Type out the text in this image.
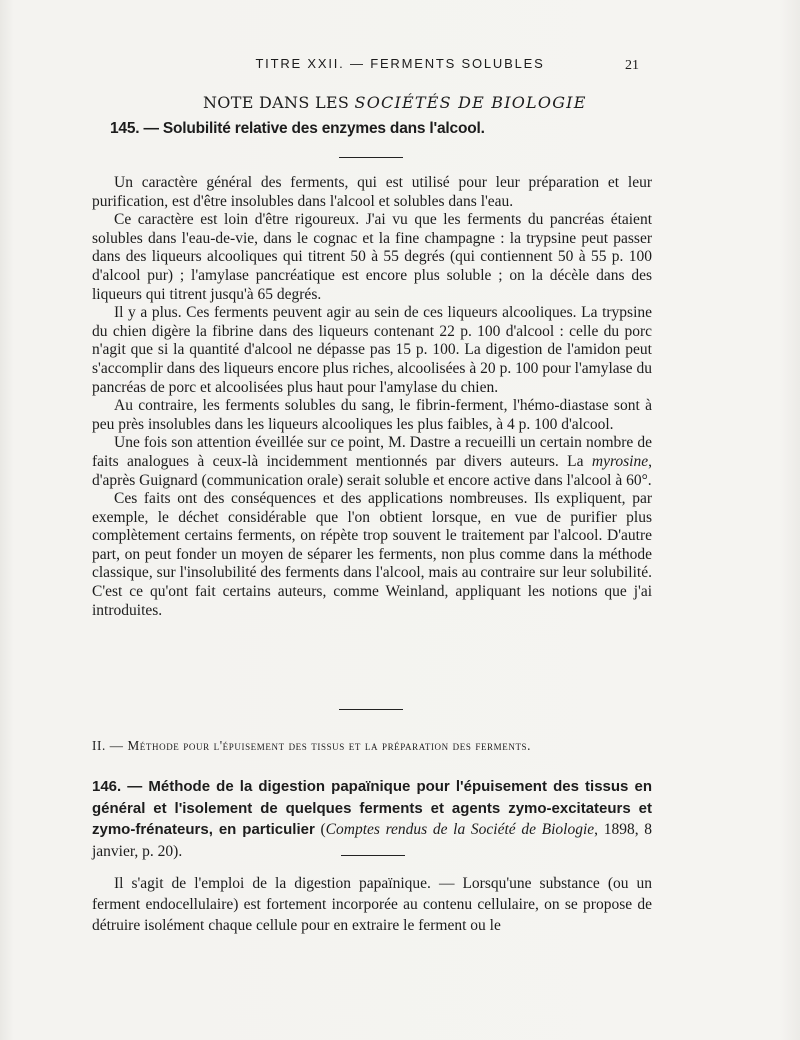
TITRE XXII. — FERMENTS SOLUBLES	21
NOTE DANS LES SOCIÉTÉS DE BIOLOGIE
145. — Solubilité relative des enzymes dans l'alcool.

Un caractère général des ferments, qui est utilisé pour leur préparation et leur purification, est d'être insolubles dans l'alcool et solubles dans l'eau.

Ce caractère est loin d'être rigoureux. J'ai vu que les ferments du pancréas étaient solubles dans l'eau-de-vie, dans le cognac et la fine champagne : la trypsine peut passer dans des liqueurs alcooliques qui titrent 50 à 55 degrés (qui contiennent 50 à 55 p. 100 d'alcool pur) ; l'amylase pancréatique est encore plus soluble ; on la décèle dans des liqueurs qui titrent jusqu'à 65 degrés.

Il y a plus. Ces ferments peuvent agir au sein de ces liqueurs alcooliques. La trypsine du chien digère la fibrine dans des liqueurs contenant 22 p. 100 d'alcool : celle du porc n'agit que si la quantité d'alcool ne dépasse pas 15 p. 100. La digestion de l'amidon peut s'accomplir dans des liqueurs encore plus riches, alcoolisées à 20 p. 100 pour l'amylase du pancréas de porc et alcoolisées plus haut pour l'amylase du chien.

Au contraire, les ferments solubles du sang, le fibrin-ferment, l'hémo-diastase sont à peu près insolubles dans les liqueurs alcooliques les plus faibles, à 4 p. 100 d'alcool.

Une fois son attention éveillée sur ce point, M. Dastre a recueilli un certain nombre de faits analogues à ceux-là incidemment mentionnés par divers auteurs. La myrosine, d'après Guignard (communication orale) serait soluble et encore active dans l'alcool à 60°.

Ces faits ont des conséquences et des applications nombreuses. Ils expliquent, par exemple, le déchet considérable que l'on obtient lorsque, en vue de purifier plus complètement certains ferments, on répète trop souvent le traitement par l'alcool. D'autre part, on peut fonder un moyen de séparer les ferments, non plus comme dans la méthode classique, sur l'insolubilité des ferments dans l'alcool, mais au contraire sur leur solubilité. C'est ce qu'ont fait certains auteurs, comme Weinland, appliquant les notions que j'ai introduites.

II. — Méthode pour l'épuisement des tissus et la préparation des ferments.
146. — Méthode de la digestion papaïnique pour l'épuisement des tissus en général et l'isolement de quelques ferments et agents zymo-excitateurs et zymo-frénateurs, en particulier (Comptes rendus de la Société de Biologie, 1898, 8 janvier, p. 20).

Il s'agit de l'emploi de la digestion papaïnique. — Lorsqu'une substance (ou un ferment endocellulaire) est fortement incorporée au contenu cellulaire, on se propose de détruire isolément chaque cellule pour en extraire le ferment ou le
